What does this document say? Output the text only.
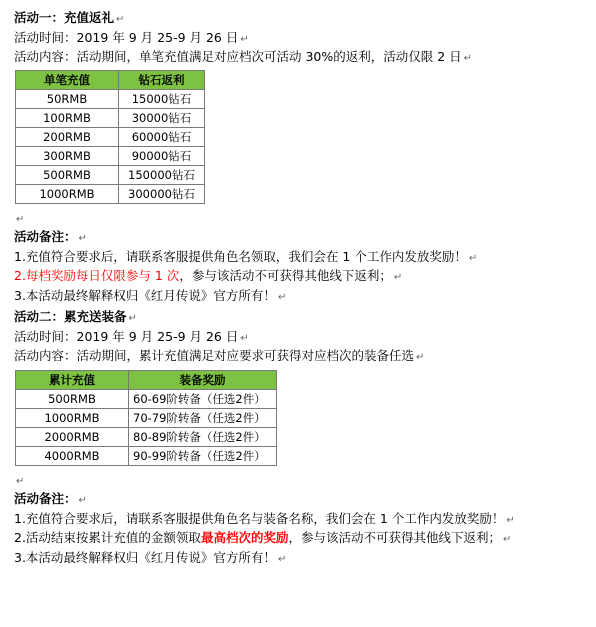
活动一：充值返礼 ↵
活动时间：2019 年 9 月 25-9 月 26 日 ↵
活动内容：活动期间，单笔充值满足对应档次可活动 30%的返利，活动仅限 2 日 ↵
单笔充值	钻石返利
50RMB	15000钻石
100RMB	30000钻石
200RMB	60000钻石
300RMB	90000钻石
500RMB	150000钻石
1000RMB	300000钻石
↵
活动备注： ↵
1.充值符合要求后，请联系客服提供角色名领取，我们会在 1 个工作内发放奖励！ ↵
2.每档奖励每日仅限参与 1 次，参与该活动不可获得其他线下返利； ↵
3.本活动最终解释权归《红月传说》官方所有！ ↵
活动二：累充送装备 ↵
活动时间：2019 年 9 月 25-9 月 26 日 ↵
活动内容：活动期间，累计充值满足对应要求可获得对应档次的装备任选 ↵
累计充值	装备奖励
500RMB	60-69阶转备（任选2件）
1000RMB	70-79阶转备（任选2件）
2000RMB	80-89阶转备（任选2件）
4000RMB	90-99阶转备（任选2件）
↵
活动备注： ↵
1.充值符合要求后，请联系客服提供角色名与装备名称，我们会在 1 个工作内发放奖励！ ↵
2.活动结束按累计充值的金额领取最高档次的奖励，参与该活动不可获得其他线下返利； ↵
3.本活动最终解释权归《红月传说》官方所有！ ↵
